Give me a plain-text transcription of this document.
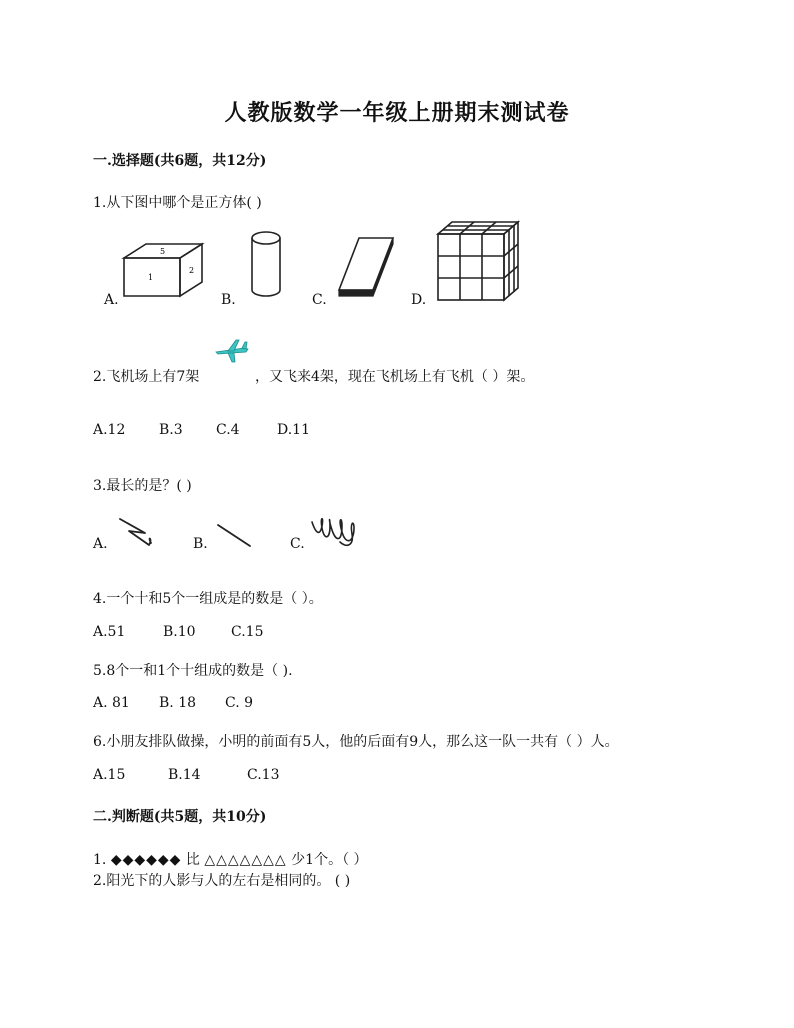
人教版数学一年级上册期末测试卷
一.选择题(共6题，共12分)
1.从下图中哪个是正方体( )
A.
5
1
2
B.	C.	D.
2.飞机场上有7架	，又飞来4架，现在飞机场上有飞机（ ）架。
A.12 B.3 C.4	D.11
3.最长的是？( )
A.	B.	C.
4.一个十和5个一组成是的数是（ ）。
A.51	B.10	C.15
5.8个一和1个十组成的数是（ ).
A. 81 B. 18 C. 9
6.小朋友排队做操，小明的前面有5人，他的后面有9人，那么这一队一共有（ ）人。
A.15	B.14	C.13
二.判断题(共5题，共10分)
1. ◆◆◆◆◆◆ 比 △△△△△△△ 少1个。（ ）
2.阳光下的人影与人的左右是相同的。 ( )
